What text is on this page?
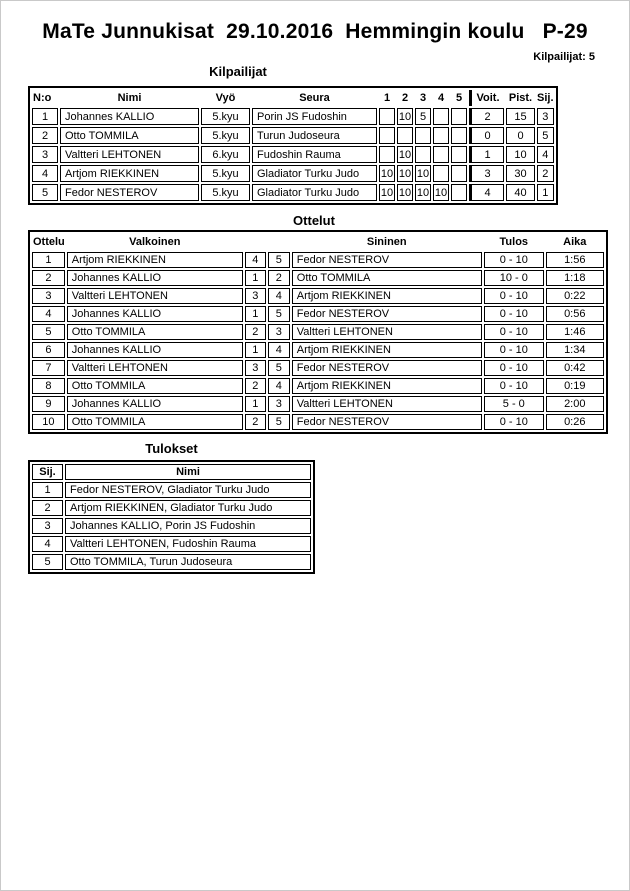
MaTe Junnukisat  29.10.2016  Hemmingin koulu   P-29
Kilpailijat: 5
Kilpailijat
N:o	Nimi	Vyö	Seura	1	2	3	4	5	Voit.	Pist.	Sij.
1	Johannes KALLIO	5.kyu	Porin JS Fudoshin		10	5			2	15	3
2	Otto TOMMILA	5.kyu	Turun Judoseura						0	0	5
3	Valtteri LEHTONEN	6.kyu	Fudoshin Rauma		10				1	10	4
4	Artjom RIEKKINEN	5.kyu	Gladiator Turku Judo	10	10	10			3	30	2
5	Fedor NESTEROV	5.kyu	Gladiator Turku Judo	10	10	10	10		4	40	1
Ottelut
Ottelu	Valkoinen			Sininen	Tulos	Aika
1	Artjom RIEKKINEN	4	5	Fedor NESTEROV	0 - 10	1:56
2	Johannes KALLIO	1	2	Otto TOMMILA	10 - 0	1:18
3	Valtteri LEHTONEN	3	4	Artjom RIEKKINEN	0 - 10	0:22
4	Johannes KALLIO	1	5	Fedor NESTEROV	0 - 10	0:56
5	Otto TOMMILA	2	3	Valtteri LEHTONEN	0 - 10	1:46
6	Johannes KALLIO	1	4	Artjom RIEKKINEN	0 - 10	1:34
7	Valtteri LEHTONEN	3	5	Fedor NESTEROV	0 - 10	0:42
8	Otto TOMMILA	2	4	Artjom RIEKKINEN	0 - 10	0:19
9	Johannes KALLIO	1	3	Valtteri LEHTONEN	5 - 0	2:00
10	Otto TOMMILA	2	5	Fedor NESTEROV	0 - 10	0:26
Tulokset
Sij.	Nimi
1	Fedor NESTEROV, Gladiator Turku Judo
2	Artjom RIEKKINEN, Gladiator Turku Judo
3	Johannes KALLIO, Porin JS Fudoshin
4	Valtteri LEHTONEN, Fudoshin Rauma
5	Otto TOMMILA, Turun Judoseura
